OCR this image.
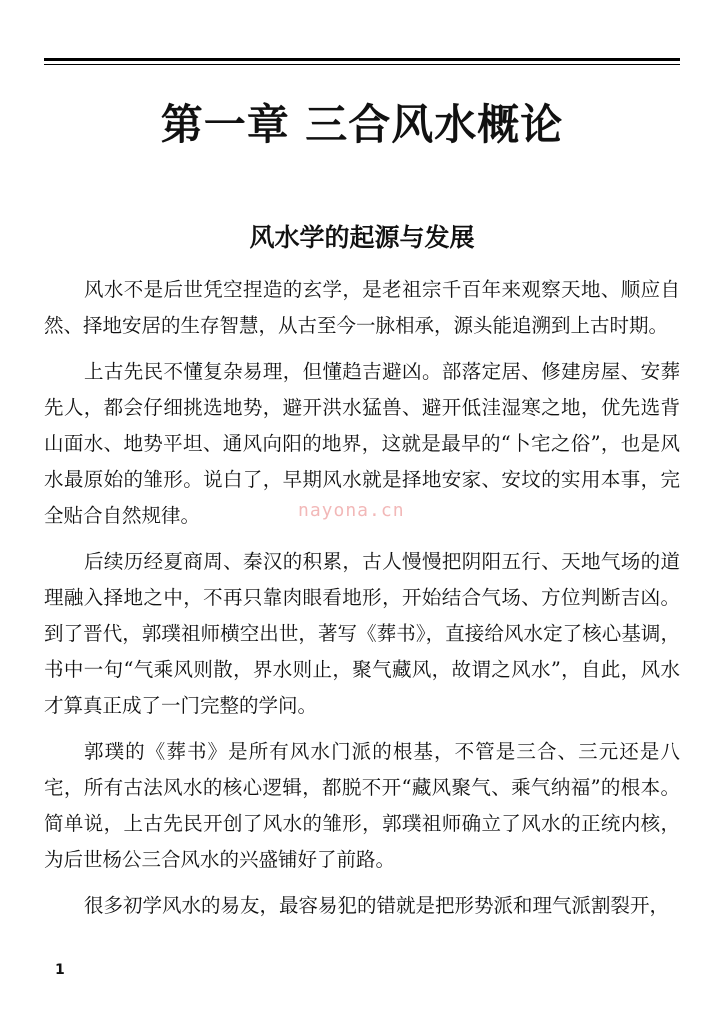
第一章 三合风水概论
风水学的起源与发展

风水不是后世凭空捏造的玄学，是老祖宗千百年来观察天地、顺应自然、择地安居的生存智慧，从古至今一脉相承，源头能追溯到上古时期。

上古先民不懂复杂易理，但懂趋吉避凶。部落定居、修建房屋、安葬先人，都会仔细挑选地势，避开洪水猛兽、避开低洼湿寒之地，优先选背山面水、地势平坦、通风向阳的地界，这就是最早的“卜宅之俗”，也是风水最原始的雏形。说白了，早期风水就是择地安家、安坟的实用本事，完全贴合自然规律。

后续历经夏商周、秦汉的积累，古人慢慢把阴阳五行、天地气场的道理融入择地之中，不再只靠肉眼看地形，开始结合气场、方位判断吉凶。到了晋代，郭璞祖师横空出世，著写《葬书》，直接给风水定了核心基调，书中一句“气乘风则散，界水则止，聚气藏风，故谓之风水”，自此，风水才算真正成了一门完整的学问。

郭璞的《葬书》是所有风水门派的根基，不管是三合、三元还是八宅，所有古法风水的核心逻辑，都脱不开“藏风聚气、乘气纳福”的根本。简单说，上古先民开创了风水的雏形，郭璞祖师确立了风水的正统内核，为后世杨公三合风水的兴盛铺好了前路。

很多初学风水的易友，最容易犯的错就是把形势派和理气派割裂开，

nayona.cn
1
